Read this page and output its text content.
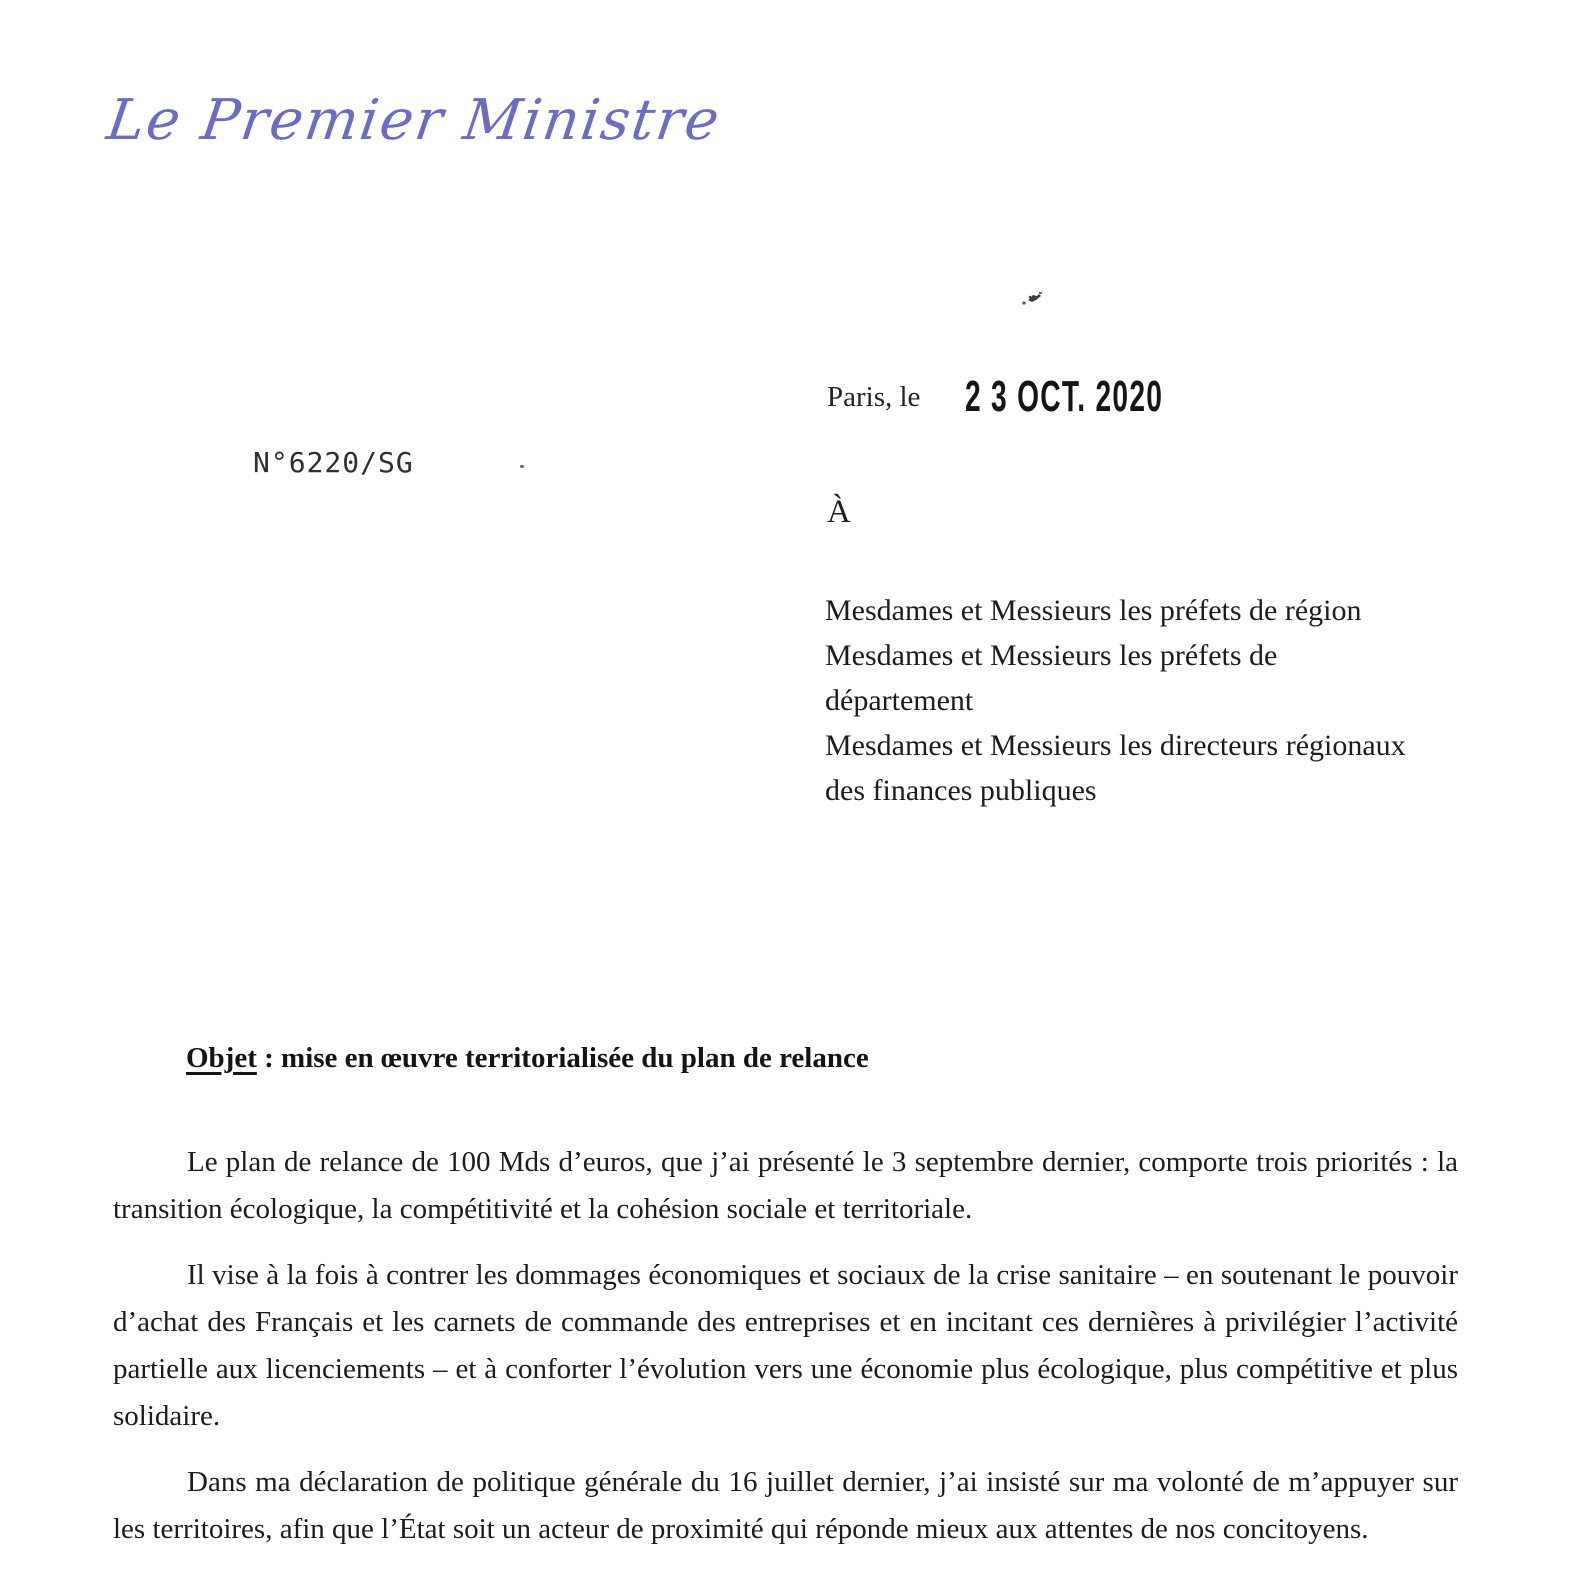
Le Premier Ministre
Paris, le 2 3 OCT. 2020
N°6220/SG
À
Mesdames et Messieurs les préfets de région
Mesdames et Messieurs les préfets de département
Mesdames et Messieurs les directeurs régionaux des finances publiques
Objet : mise en œuvre territorialisée du plan de relance

Le plan de relance de 100 Mds d’euros, que j’ai présenté le 3 septembre dernier, comporte trois priorités : la transition écologique, la compétitivité et la cohésion sociale et territoriale.

Il vise à la fois à contrer les dommages économiques et sociaux de la crise sanitaire – en soutenant le pouvoir d’achat des Français et les carnets de commande des entreprises et en incitant ces dernières à privilégier l’activité partielle aux licenciements – et à conforter l’évolution vers une économie plus écologique, plus compétitive et plus solidaire.

Dans ma déclaration de politique générale du 16 juillet dernier, j’ai insisté sur ma volonté de m’appuyer sur les territoires, afin que l’État soit un acteur de proximité qui réponde mieux aux attentes de nos concitoyens.
